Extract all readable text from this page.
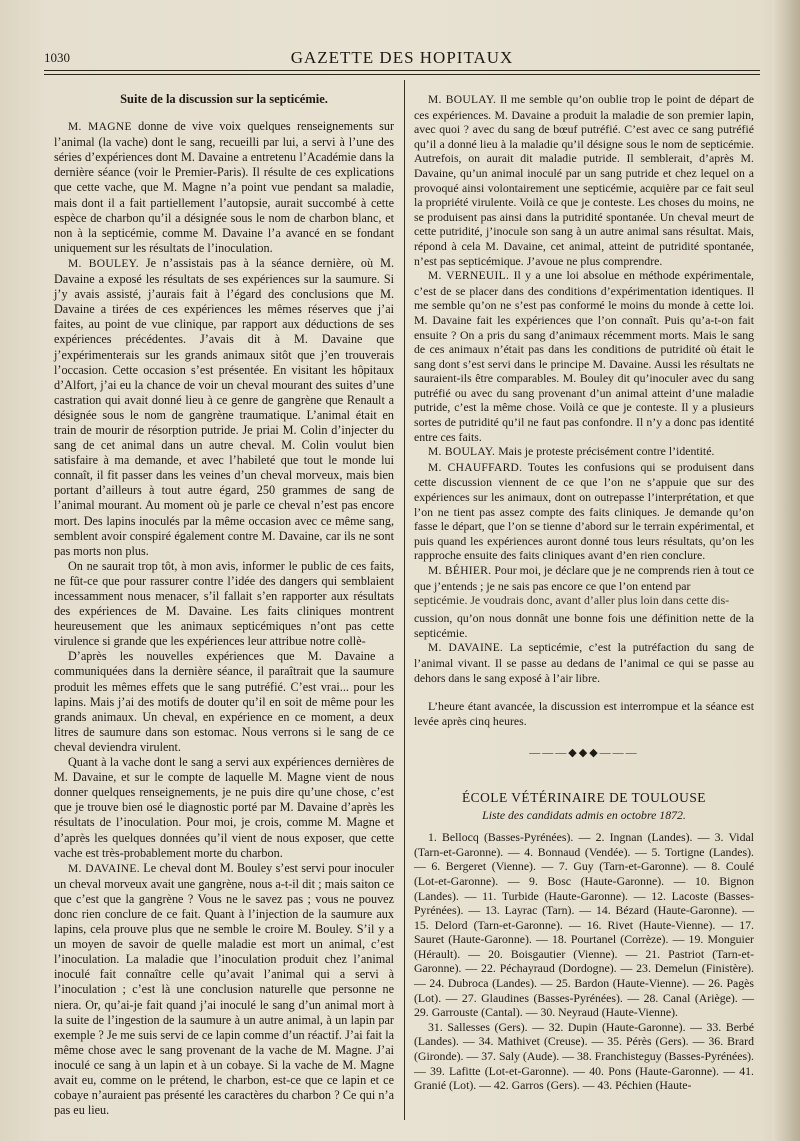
1030	GAZETTE DES HOPITAUX

Suite de la discussion sur la septicémie.

M. MAGNE donne de vive voix quelques renseignements sur l’animal (la vache) dont le sang, recueilli par lui, a servi à l’une des séries d’expériences dont M. Davaine a entretenu l’Académie dans la dernière séance (voir le Premier-Paris). Il résulte de ces explications que cette vache, que M. Magne n’a point vue pendant sa maladie, mais dont il a fait partiellement l’autopsie, aurait succombé à cette espèce de charbon qu’il a désignée sous le nom de charbon blanc, et non à la septicémie, comme M. Davaine l’a avancé en se fondant uniquement sur les résultats de l’inoculation.

M. BOULEY. Je n’assistais pas à la séance dernière, où M. Davaine a exposé les résultats de ses expériences sur la saumure. Si j’y avais assisté, j’aurais fait à l’égard des conclusions que M. Davaine a tirées de ces expériences les mêmes réserves que j’ai faites, au point de vue clinique, par rapport aux déductions de ses expériences précédentes. J’avais dit à M. Davaine que j’expérimenterais sur les grands animaux sitôt que j’en trouverais l’occasion. Cette occasion s’est présentée. En visitant les hôpitaux d’Alfort, j’ai eu la chance de voir un cheval mourant des suites d’une castration qui avait donné lieu à ce genre de gangrène que Renault a désignée sous le nom de gangrène traumatique. L’animal était en train de mourir de résorption putride. Je priai M. Colin d’injecter du sang de cet animal dans un autre cheval. M. Colin voulut bien satisfaire à ma demande, et avec l’habileté que tout le monde lui connaît, il fit passer dans les veines d’un cheval morveux, mais bien portant d’ailleurs à tout autre égard, 250 grammes de sang de l’animal mourant. Au moment où je parle ce cheval n’est pas encore mort. Des lapins inoculés par la même occasion avec ce même sang, semblent avoir conspiré également contre M. Davaine, car ils ne sont pas morts non plus.

On ne saurait trop tôt, à mon avis, informer le public de ces faits, ne fût-ce que pour rassurer contre l’idée des dangers qui semblaient incessamment nous menacer, s’il fallait s’en rapporter aux résultats des expériences de M. Davaine. Les faits cliniques montrent heureusement que les animaux septicémiques n’ont pas cette virulence si grande que les expériences leur attribue notre collè-

D’après les nouvelles expériences que M. Davaine a communiquées dans la dernière séance, il paraîtrait que la saumure produit les mêmes effets que le sang putréfié. C’est vrai... pour les lapins. Mais j’ai des motifs de douter qu’il en soit de même pour les grands animaux. Un cheval, en expérience en ce moment, a deux litres de saumure dans son estomac. Nous verrons si le sang de ce cheval deviendra virulent.

Quant à la vache dont le sang a servi aux expériences dernières de M. Davaine, et sur le compte de laquelle M. Magne vient de nous donner quelques renseignements, je ne puis dire qu’une chose, c’est que je trouve bien osé le diagnostic porté par M. Davaine d’après les résultats de l’inoculation. Pour moi, je crois, comme M. Magne et d’après les quelques données qu’il vient de nous exposer, que cette vache est très-probablement morte du charbon.

M. DAVAINE. Le cheval dont M. Bouley s’est servi pour inoculer un cheval morveux avait une gangrène, nous a-t-il dit ; mais saiton ce que c’est que la gangrène ? Vous ne le savez pas ; vous ne pouvez donc rien conclure de ce fait. Quant à l’injection de la saumure aux lapins, cela prouve plus que ne semble le croire M. Bouley. S’il y a un moyen de savoir de quelle maladie est mort un animal, c’est l’inoculation. La maladie que l’inoculation produit chez l’animal inoculé fait connaître celle qu’avait l’animal qui a servi à l’inoculation ; c’est là une conclusion naturelle que personne ne niera. Or, qu’ai-je fait quand j’ai inoculé le sang d’un animal mort à la suite de l’ingestion de la saumure à un autre animal, à un lapin par exemple ? Je me suis servi de ce lapin comme d’un réactif. J’ai fait la même chose avec le sang provenant de la vache de M. Magne. J’ai inoculé ce sang à un lapin et à un cobaye. Si la vache de M. Magne avait eu, comme on le prétend, le charbon, est-ce que ce lapin et ce cobaye n’auraient pas présenté les caractères du charbon ? Ce qui n’a pas eu lieu.

M. BOULAY. Il me semble qu’on oublie trop le point de départ de ces expériences. M. Davaine a produit la maladie de son premier lapin, avec quoi ? avec du sang de bœuf putréfié. C’est avec ce sang putréfié qu’il a donné lieu à la maladie qu’il désigne sous le nom de septicémie. Autrefois, on aurait dit maladie putride. Il semblerait, d’après M. Davaine, qu’un animal inoculé par un sang putride et chez lequel on a provoqué ainsi volontairement une septicémie, acquière par ce fait seul la propriété virulente. Voilà ce que je conteste. Les choses du moins, ne se produisent pas ainsi dans la putridité spontanée. Un cheval meurt de cette putridité, j’inocule son sang à un autre animal sans résultat. Mais, répond à cela M. Davaine, cet animal, atteint de putridité spontanée, n’est pas septicémique. J’avoue ne plus comprendre.

M. VERNEUIL. Il y a une loi absolue en méthode expérimentale, c’est de se placer dans des conditions d’expérimentation identiques. Il me semble qu’on ne s’est pas conformé le moins du monde à cette loi. M. Davaine fait les expériences que l’on connaît. Puis qu’a-t-on fait ensuite ? On a pris du sang d’animaux récemment morts. Mais le sang de ces animaux n’était pas dans les conditions de putridité où était le sang dont s’est servi dans le principe M. Davaine. Aussi les résultats ne sauraient-ils être comparables. M. Bouley dit qu’inoculer avec du sang putréfié ou avec du sang provenant d’un animal atteint d’une maladie putride, c’est la même chose. Voilà ce que je conteste. Il y a plusieurs sortes de putridité qu’il ne faut pas confondre. Il n’y a donc pas identité entre ces faits.

M. BOULAY. Mais je proteste précisément contre l’identité.

M. CHAUFFARD. Toutes les confusions qui se produisent dans cette discussion viennent de ce que l’on ne s’appuie que sur des expériences sur les animaux, dont on outrepasse l’interprétation, et que l’on ne tient pas assez compte des faits cliniques. Je demande qu’on fasse le départ, que l’on se tienne d’abord sur le terrain expérimental, et puis quand les expériences auront donné tous leurs résultats, qu’on les rapproche ensuite des faits cliniques avant d’en rien conclure.

M. BÉHIER. Pour moi, je déclare que je ne comprends rien à tout ce que j’entends ; je ne sais pas encore ce que l’on entend par

septicémie. Je voudrais donc, avant d’aller plus loin dans cette dis-

cussion, qu’on nous donnât une bonne fois une définition nette de la septicémie.

M. DAVAINE. La septicémie, c’est la putréfaction du sang de l’animal vivant. Il se passe au dedans de l’animal ce qui se passe au dehors dans le sang exposé à l’air libre.

L’heure étant avancée, la discussion est interrompue et la séance est levée après cinq heures.

———◆◆◆———

ÉCOLE VÉTÉRINAIRE DE TOULOUSE

Liste des candidats admis en octobre 1872.

1. Bellocq (Basses-Pyrénées). — 2. Ingnan (Landes). — 3. Vidal (Tarn-et-Garonne). — 4. Bonnaud (Vendée). — 5. Tortigne (Landes). — 6. Bergeret (Vienne). — 7. Guy (Tarn-et-Garonne). — 8. Coulé (Lot-et-Garonne). — 9. Bosc (Haute-Garonne). — 10. Bignon (Landes). — 11. Turbide (Haute-Garonne). — 12. Lacoste (Basses-Pyrénées). — 13. Layrac (Tarn). — 14. Bézard (Haute-Garonne). — 15. Delord (Tarn-et-Garonne). — 16. Rivet (Haute-Vienne). — 17. Sauret (Haute-Garonne). — 18. Pourtanel (Corrèze). — 19. Monguier (Hérault). — 20. Boisgautier (Vienne). — 21. Pastriot (Tarn-et-Garonne). — 22. Péchayraud (Dordogne). — 23. Demelun (Finistère). — 24. Dubroca (Landes). — 25. Bardon (Haute-Vienne). — 26. Pagès (Lot). — 27. Glaudines (Basses-Pyrénées). — 28. Canal (Ariège). — 29. Garrouste (Cantal). — 30. Neyraud (Haute-Vienne).

31. Sallesses (Gers). — 32. Dupin (Haute-Garonne). — 33. Berbé (Landes). — 34. Mathivet (Creuse). — 35. Pérès (Gers). — 36. Brard (Gironde). — 37. Saly (Aude). — 38. Franchisteguy (Basses-Pyrénées). — 39. Lafitte (Lot-et-Garonne). — 40. Pons (Haute-Garonne). — 41. Granié (Lot). — 42. Garros (Gers). — 43. Péchien (Haute-
